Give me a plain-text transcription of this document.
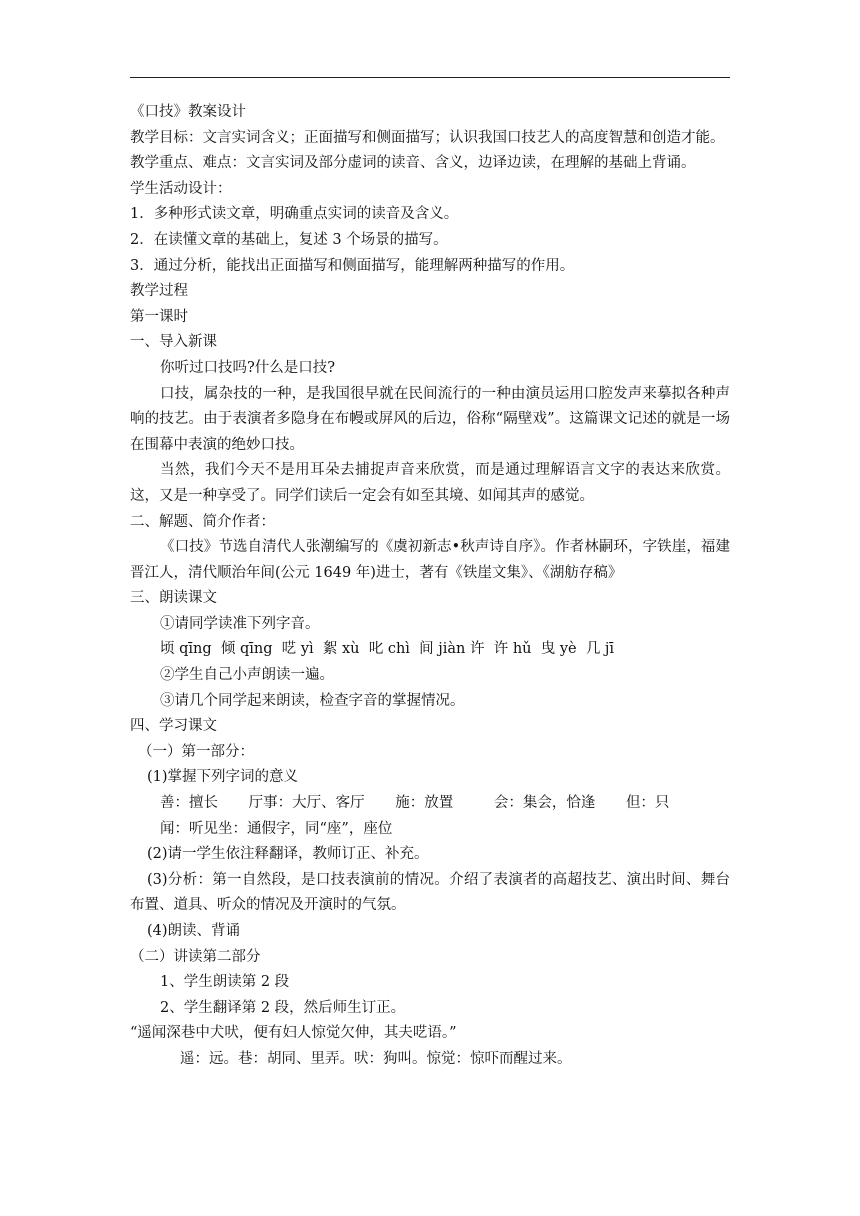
《口技》教案设计
教学目标：文言实词含义；正面描写和侧面描写；认识我国口技艺人的高度智慧和创造才能。
教学重点、难点：文言实词及部分虚词的读音、含义，边译边读，在理解的基础上背诵。
学生活动设计：
1．多种形式读文章，明确重点实词的读音及含义。
2．在读懂文章的基础上，复述 3 个场景的描写。
3．通过分析，能找出正面描写和侧面描写，能理解两种描写的作用。
教学过程
第一课时
一、导入新课
你听过口技吗?什么是口技?
口技，属杂技的一种，是我国很早就在民间流行的一种由演员运用口腔发声来摹拟各种声响的技艺。由于表演者多隐身在布幔或屏风的后边，俗称“隔壁戏”。这篇课文记述的就是一场在围幕中表演的绝妙口技。
当然，我们今天不是用耳朵去捕捉声音来欣赏，而是通过理解语言文字的表达来欣赏。这，又是一种享受了。同学们读后一定会有如至其境、如闻其声的感觉。
二、解题、简介作者：
《口技》节选自清代人张潮编写的《虞初新志•秋声诗自序》。作者林嗣环，字铁崖，福建晋江人，清代顺治年间(公元 1649 年)进士，著有《铁崖文集》、《湖舫存稿》
三、朗读课文
①请同学读准下列字音。
顷 qīng  倾 qīng  呓 yì  絮 xù  叱 chì  间 jiàn 许  许 hǔ  曳 yè  几 jī
②学生自己小声朗读一遍。
③请几个同学起来朗读，检查字音的掌握情况。
四、学习课文
（一）第一部分：
(1)掌握下列字词的意义
善：擅长 厅事：大厅、客厅 施：放置	会：集会，恰逢 但：只
闻：听见坐：通假字，同“座”，座位
(2)请一学生依注释翻译，教师订正、补充。
(3)分析：第一自然段，是口技表演前的情况。介绍了表演者的高超技艺、演出时间、舞台布置、道具、听众的情况及开演时的气氛。
(4)朗读、背诵
（二）讲读第二部分
1、学生朗读第 2 段
2、学生翻译第 2 段，然后师生订正。
“遥闻深巷中犬吠，便有妇人惊觉欠伸，其夫呓语。”
遥：远。巷：胡同、里弄。吠：狗叫。惊觉：惊吓而醒过来。
